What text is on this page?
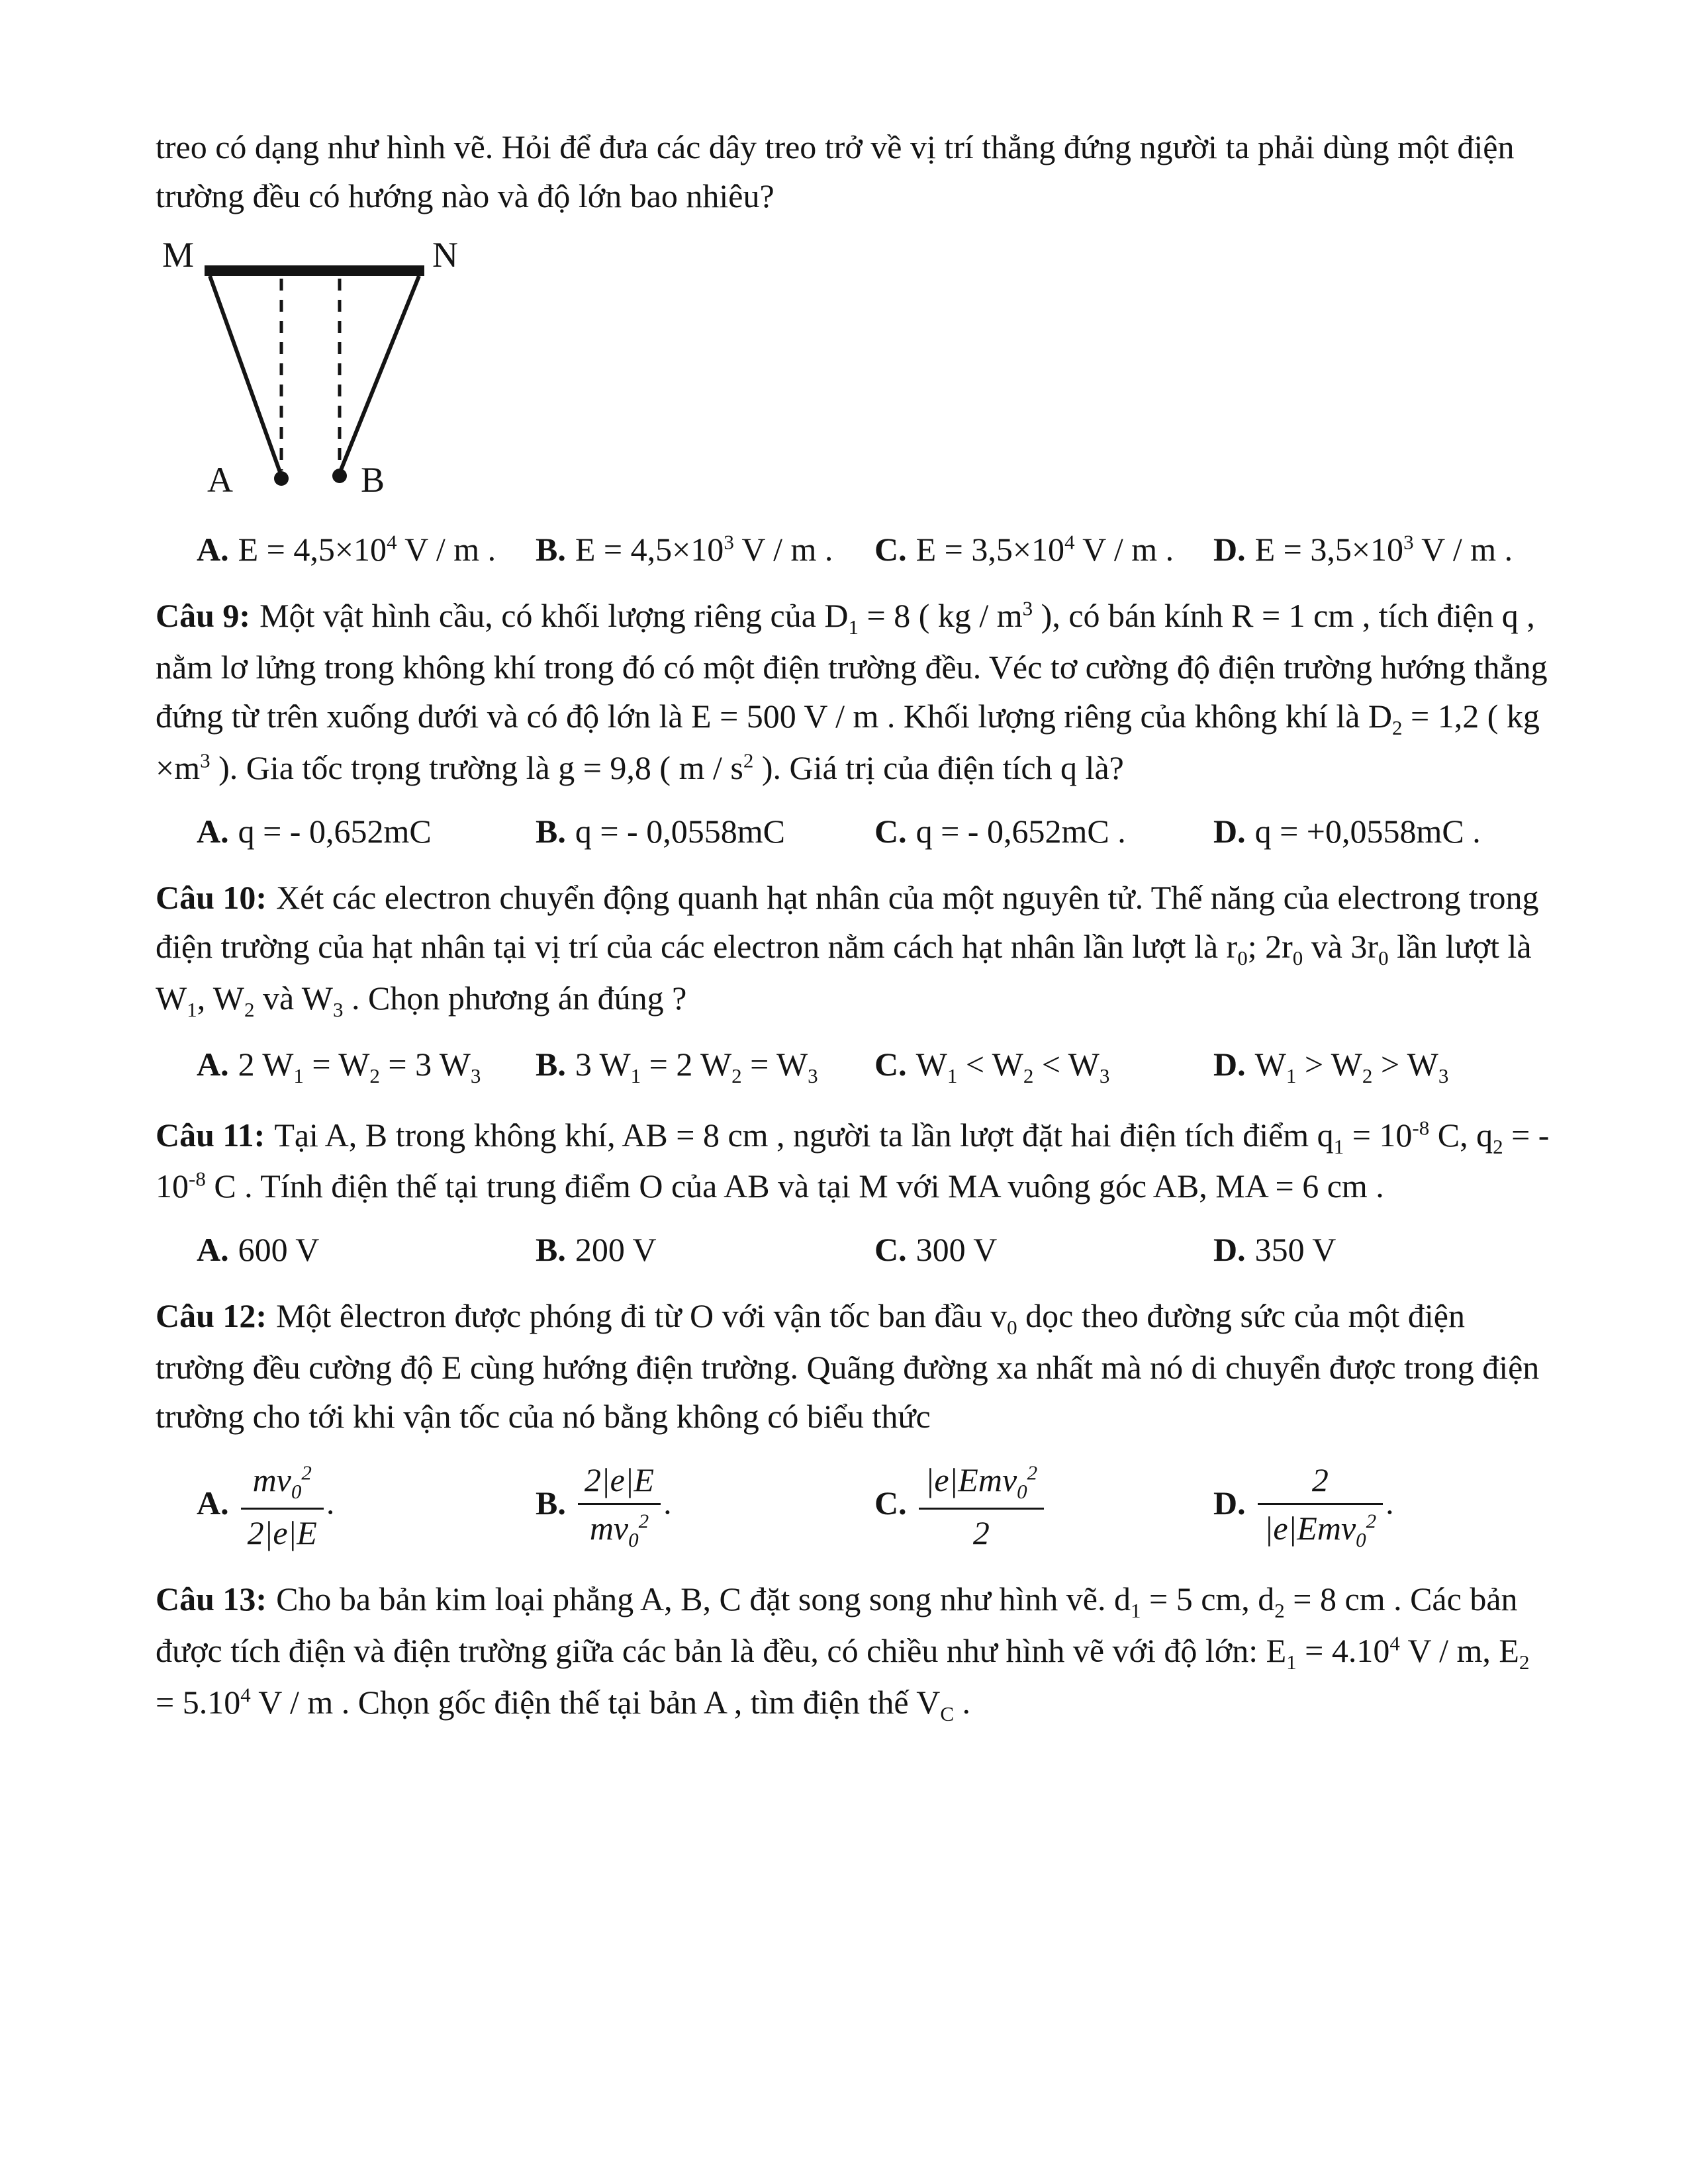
treo có dạng như hình vẽ. Hỏi để đưa các dây treo trở về vị trí thẳng đứng người ta phải dùng một điện trường đều có hướng nào và độ lớn bao nhiêu?

M	N
A	B
A. $E = 4,5\times 10^4$ V / m .	B. $E = 4,5\times 10^3$ V / m .	C. $E = 3,5\times 10^4$ V / m .	D. $E = 3,5\times 10^3$ V / m .

Câu 9: Một vật hình cầu, có khối lượng riêng của $D_1 = 8$ ( kg / $m^3$ ), có bán kính R = 1 cm , tích điện q , nằm lơ lửng trong không khí trong đó có một điện trường đều. Véc tơ cường độ điện trường hướng thẳng đứng từ trên xuống dưới và có độ lớn là E = 500 V / m . Khối lượng riêng của không khí là $D_2 = 1,2$ ( kg $\times m^3$ ). Gia tốc trọng trường là g = 9,8 ( m / $s^2$ ). Giá trị của điện tích q là?

A. q = - 0,652mC	B. q = - 0,0558mC	C. q = - 0,652mC .	D. q = +0,0558mC .

Câu 10: Xét các electron chuyển động quanh hạt nhân của một nguyên tử. Thế năng của electrong trong điện trường của hạt nhân tại vị trí của các electron nằm cách hạt nhân lần lượt là $r_0$; $2r_0$ và $3r_0$ lần lượt là $W_1$, $W_2$ và $W_3$ . Chọn phương án đúng ?

A. 2 $W_1 = W_2 = 3$ $W_3$	B. 3 $W_1 = 2$ $W_2 = W_3$	C. $W_1 < W_2 < W_3$	D. $W_1 > W_2 > W_3$

Câu 11: Tại A, B trong không khí, AB = 8 cm , người ta lần lượt đặt hai điện tích điểm $q_1 = 10^{-8}$ C, $q_2$ = - $10^{-8}$ C . Tính điện thế tại trung điểm O của AB và tại M với MA vuông góc AB, MA = 6 cm .

A. 600 V	B. 200 V	C. 300 V	D. 350 V

Câu 12: Một êlectron được phóng đi từ O với vận tốc ban đầu $v_0$ dọc theo đường sức của một điện trường đều cường độ E cùng hướng điện trường. Quãng đường xa nhất mà nó di chuyển được trong điện trường cho tới khi vận tốc của nó bằng không có biểu thức

A. $\frac{mv_0^2}{2|e|E}$ .	B. $\frac{2|e|E}{mv_0^2}$ .	C. $\frac{|e|Emv_0^2}{2}$	D. $\frac{2}{|e|Emv_0^2}$ .

Câu 13: Cho ba bản kim loại phẳng A, B, C đặt song song như hình vẽ. $d_1 = 5$ cm, $d_2 = 8$ cm . Các bản được tích điện và điện trường giữa các bản là đều, có chiều như hình vẽ với độ lớn: $E_1 = 4.10^4$ V / m, $E_2 = 5.10^4$ V / m . Chọn gốc điện thế tại bản A , tìm điện thế $V_C$ .
